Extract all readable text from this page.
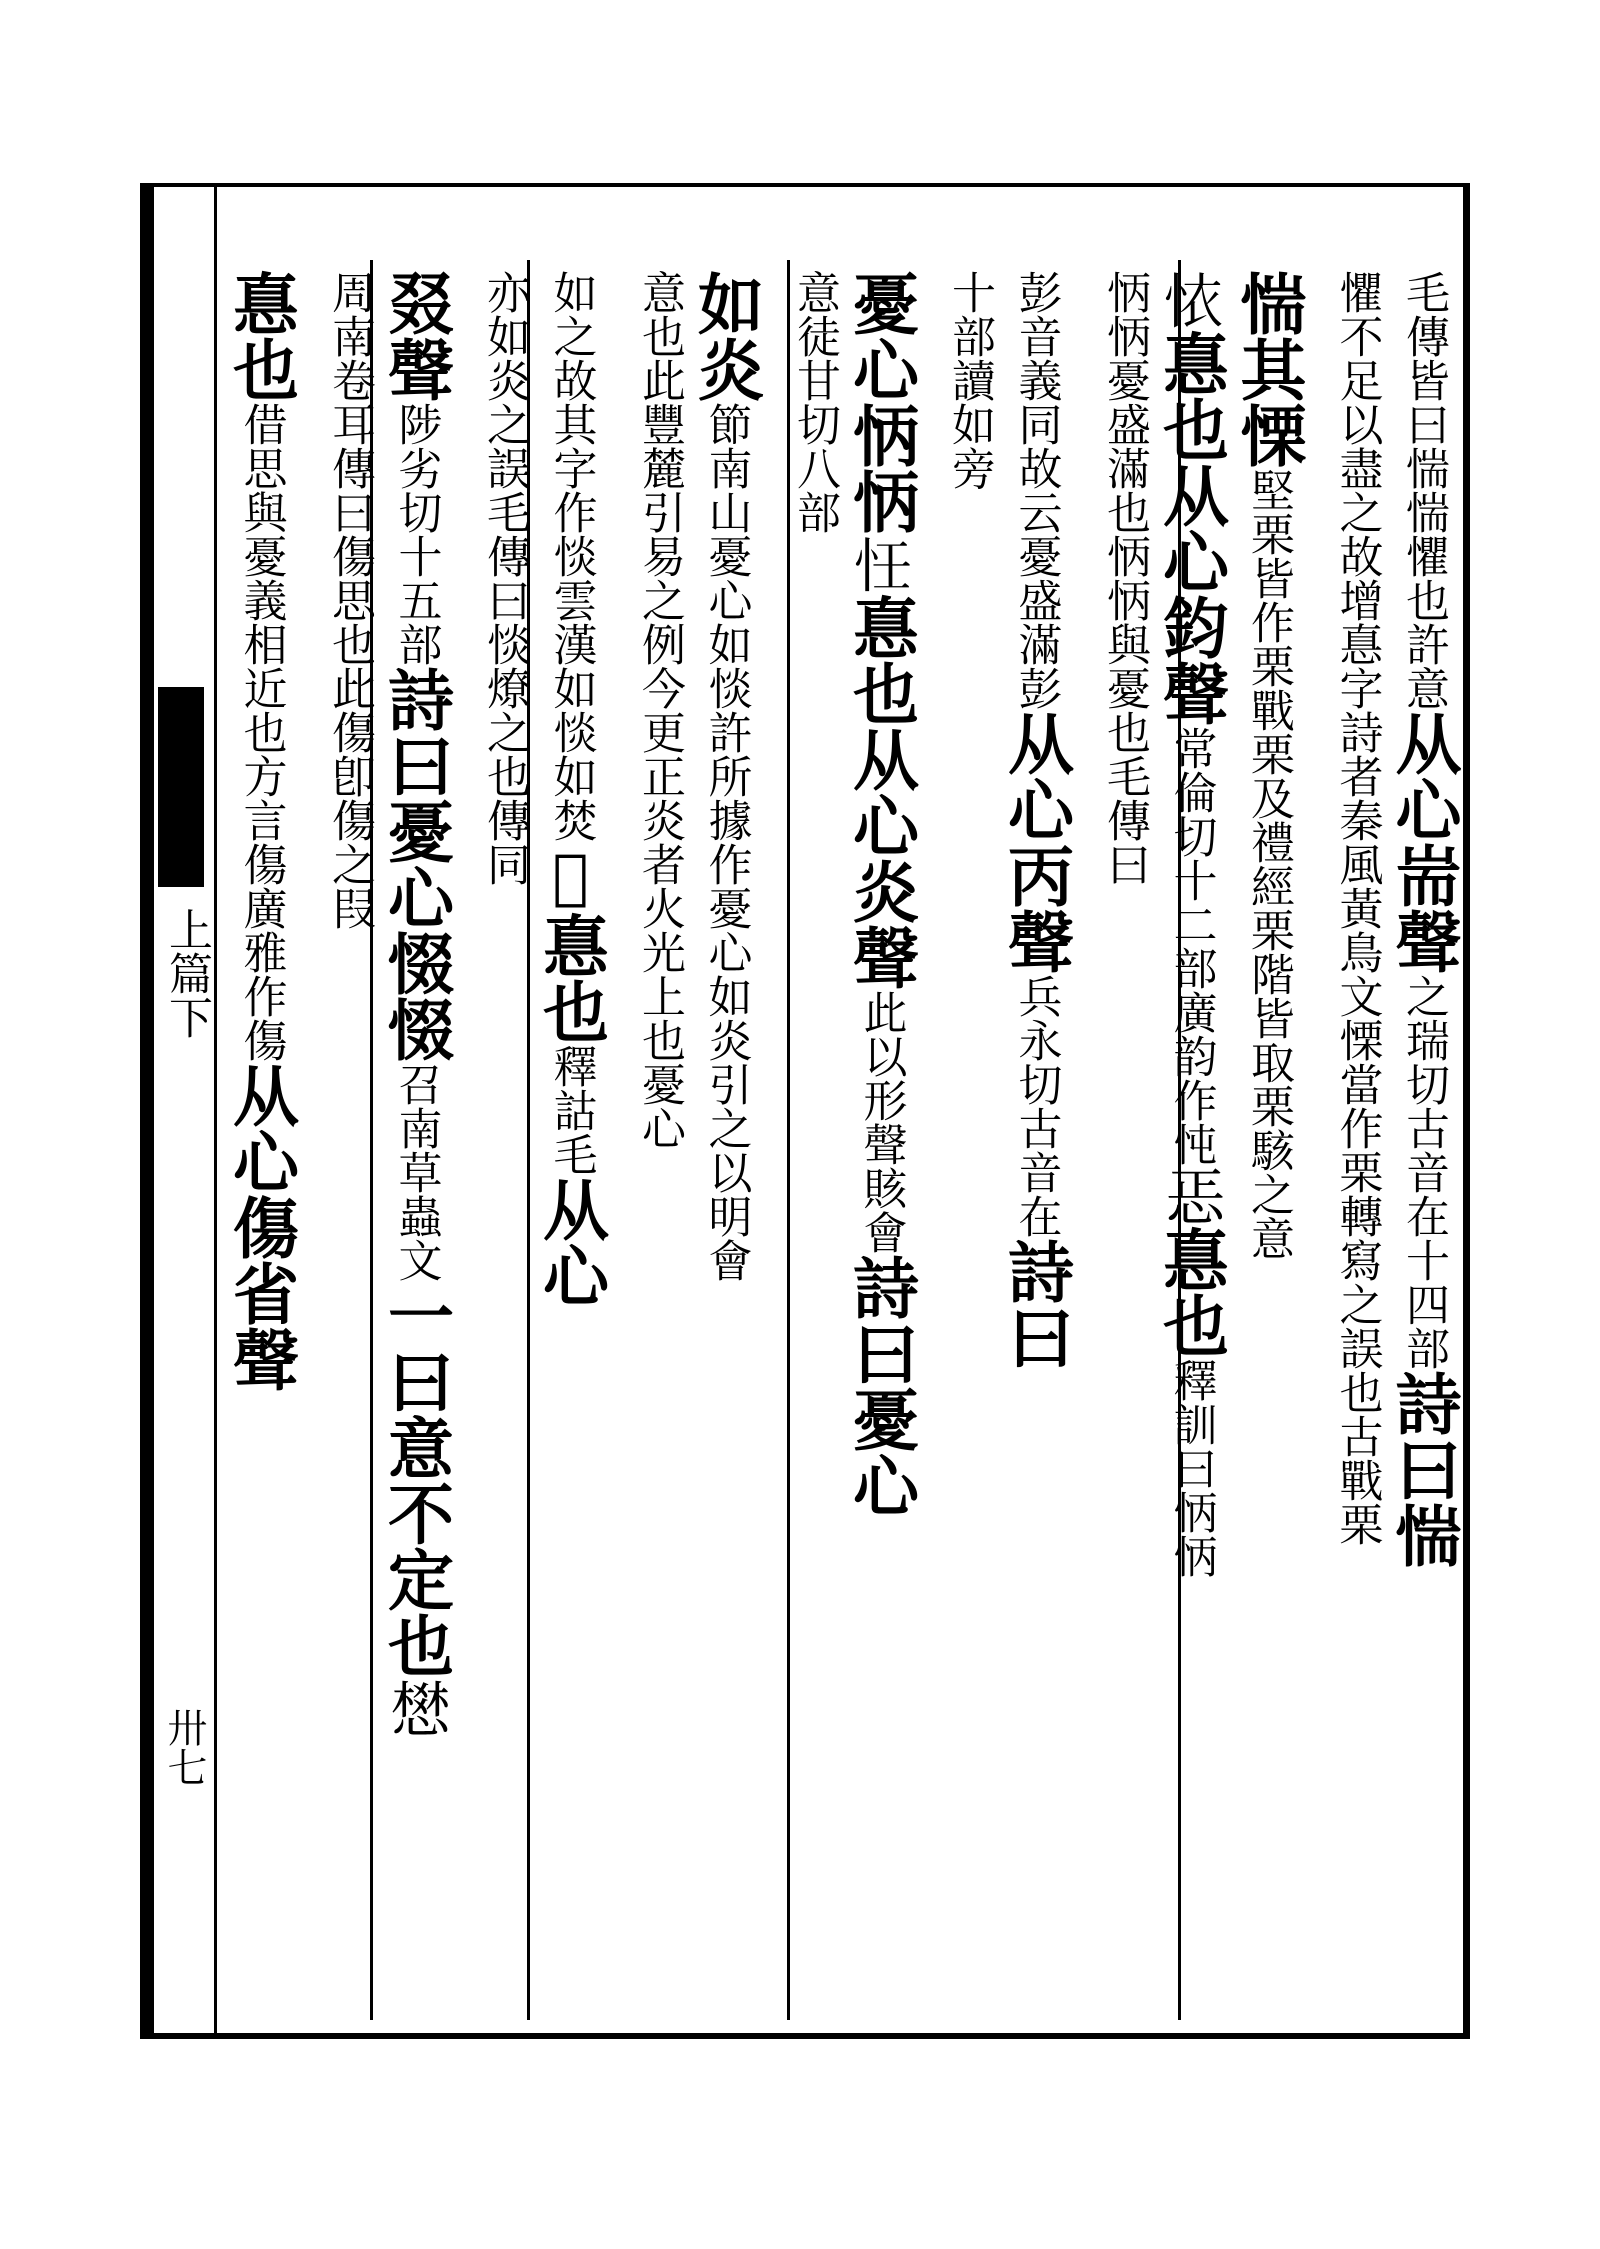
上篇下
卅七
毛傳皆曰惴惴懼也許意从心耑聲之瑞切古音在十四部詩曰惴
懼不足以盡之故增惪字詩者秦風黃鳥文慄當作栗轉寫之誤也古戰栗
惴其慄堅栗皆作栗戰栗及禮經栗階皆取栗駭之意
𢙇惪也从心鈞聲常倫切十二部廣韵作忳𢘫惪也釋訓曰怲怲
怲怲憂盛滿也怲怲與憂也毛傳曰
彭音義同故云憂盛滿彭从心丙聲兵永切古音在詩曰
十部讀如旁
憂心怲怲𢗖惪也从心炎聲此以形聲賅會詩曰憂心
意徒甘切八部
如炎節南山憂心如惔許所據作憂心如炎引之以明會
意也此豐麓引易之例今更正炎者火光上也憂心
如之故其字作惔雲漢如惔如焚𢗠惪也釋詁毛从心
亦如炎之誤毛傳曰惔燎之也傳同
叕聲陟劣切十五部詩曰憂心惙惙召南草蟲文一曰意不定也𢡟
周南卷耳傳曰傷思也此傷卽傷之叚
惪也借思與憂義相近也方言傷廣雅作傷从心傷省聲
